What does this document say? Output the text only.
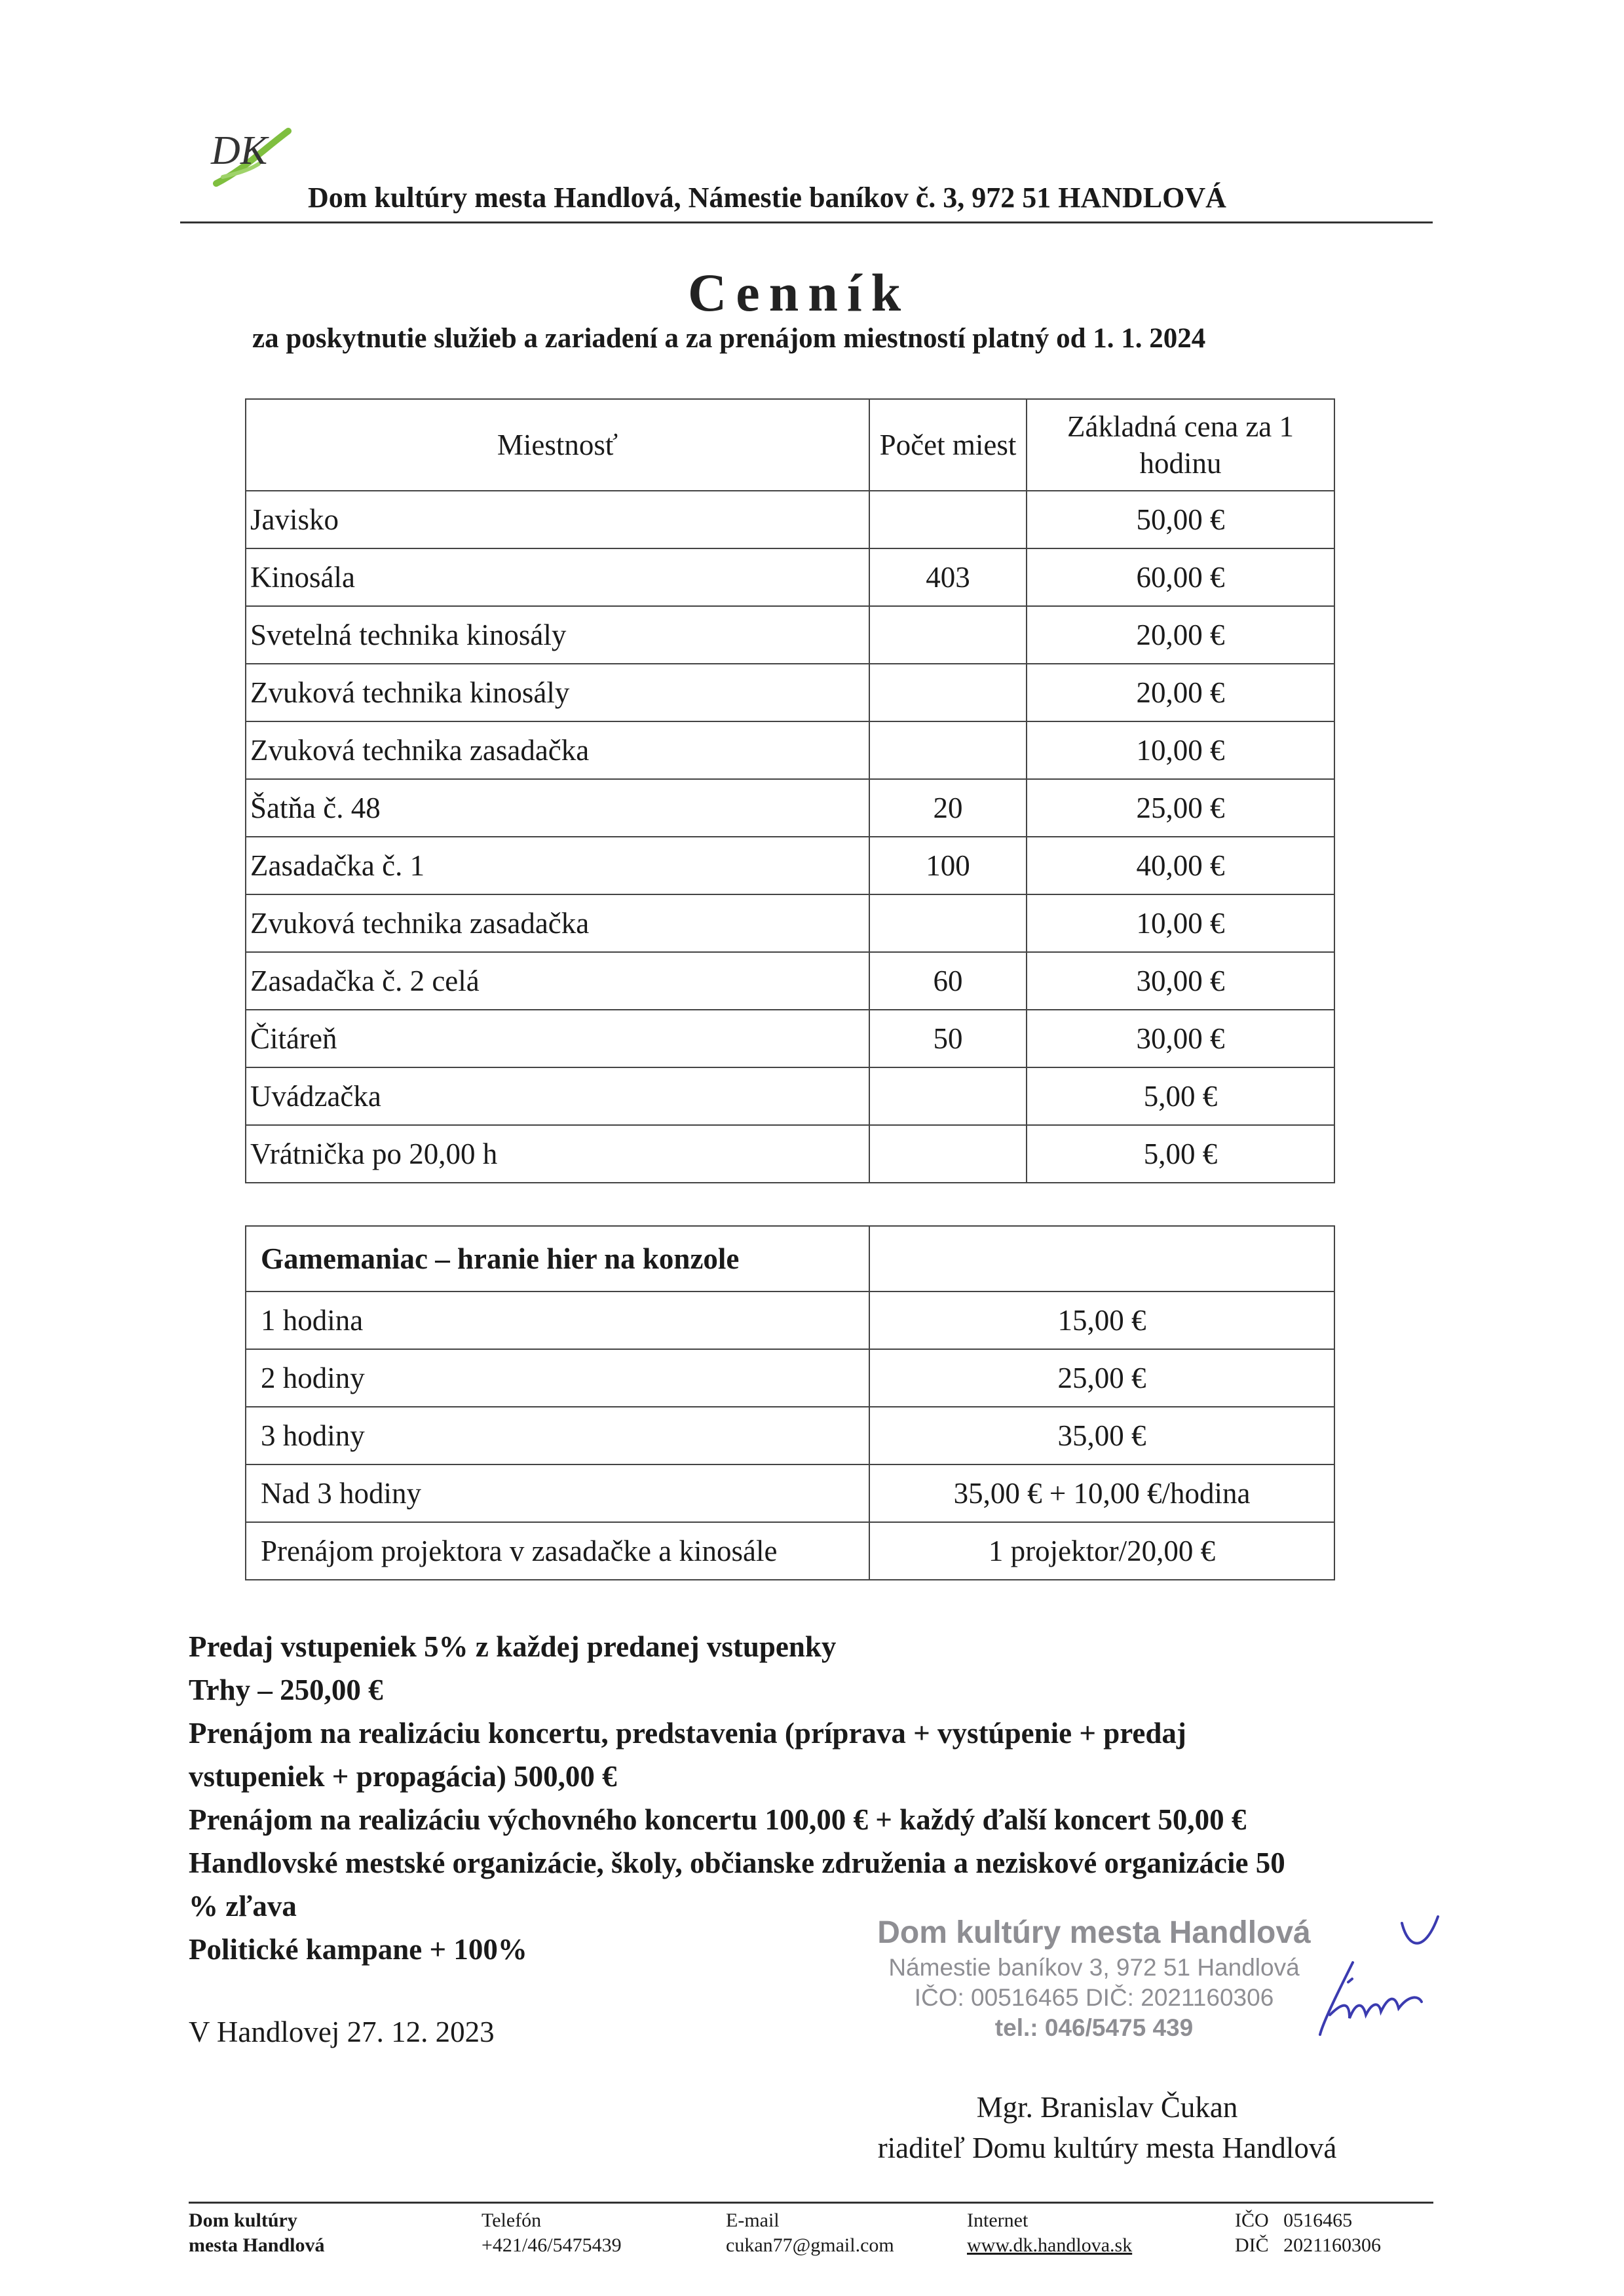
DK
Dom kultúry mesta Handlová, Námestie baníkov č. 3, 972 51 HANDLOVÁ
Cenník
za poskytnutie služieb a zariadení a za prenájom miestností platný od 1. 1. 2024
Miestnosť	Počet miest	Základná cena za 1 hodinu
Javisko		50,00 €
Kinosála	403	60,00 €
Svetelná technika kinosály		20,00 €
Zvuková technika kinosály		20,00 €
Zvuková technika zasadačka		10,00 €
Šatňa č. 48	20	25,00 €
Zasadačka č. 1	100	40,00 €
Zvuková technika zasadačka		10,00 €
Zasadačka č. 2 celá	60	30,00 €
Čitáreň	50	30,00 €
Uvádzačka		5,00 €
Vrátnička po 20,00 h		5,00 €
Gamemaniac – hranie hier na konzole	
1 hodina	15,00 €
2 hodiny	25,00 €
3 hodiny	35,00 €
Nad 3 hodiny	35,00 € + 10,00 €/hodina
Prenájom projektora v zasadačke a kinosále	1 projektor/20,00 €
Predaj vstupeniek 5% z každej predanej vstupenky
Trhy – 250,00 €
Prenájom na realizáciu koncertu, predstavenia (príprava + vystúpenie + predaj
vstupeniek + propagácia) 500,00 €
Prenájom na realizáciu výchovného koncertu 100,00 € + každý ďalší koncert 50,00 €
Handlovské mestské organizácie, školy, občianske združenia a neziskové organizácie 50
% zľava
Politické kampane + 100%
V Handlovej 27. 12. 2023
Dom kultúry mesta Handlová
Námestie baníkov 3, 972 51 Handlová
IČO: 00516465 DIČ: 2021160306
tel.: 046/5475 439
Mgr. Branislav Čukan
riaditeľ Domu kultúry mesta Handlová
Dom kultúry
mesta Handlová
Telefón
+421/46/5475439
E-mail
cukan77@gmail.com
Internet
www.dk.handlova.sk
IČO 0516465
DIČ 2021160306
